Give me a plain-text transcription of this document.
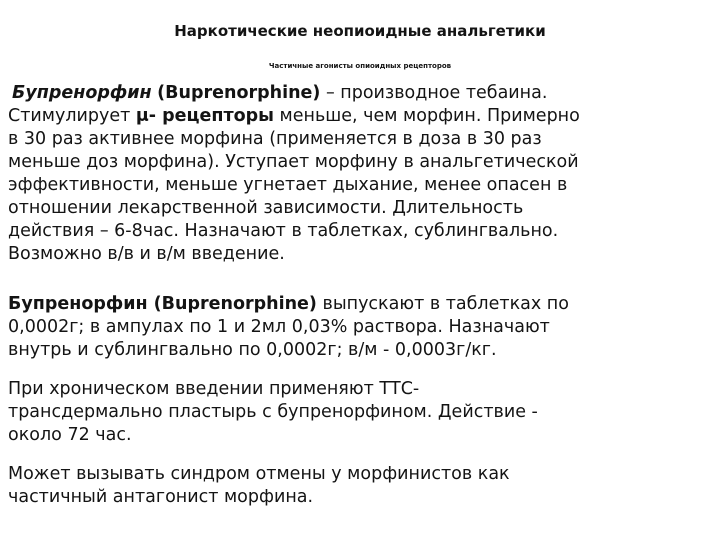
Наркотические неопиоидные анальгетики
Частичные агонисты опиоидных рецепторов
Бупренорфин (Buprenorphine) – производное тебаина.
Стимулирует μ- рецепторы меньше, чем морфин. Примерно
в 30 раз активнее морфина (применяется в доза в 30 раз
меньше доз морфина). Уступает морфину в анальгетической
эффективности, меньше угнетает дыхание, менее опасен в
отношении лекарственной зависимости. Длительность
действия – 6-8час. Назначают в таблетках, сублингвально.
Возможно в/в и в/м введение.
Бупренорфин (Buprenorphine) выпускают в таблетках по
0,0002г; в ампулах по 1 и 2мл 0,03% раствора. Назначают
внутрь и сублингвально по 0,0002г; в/м - 0,0003г/кг.
При хроническом введении применяют ТТС-
трансдермально пластырь с бупренорфином. Действие -
около 72 час.
Может вызывать синдром отмены у морфинистов как
частичный антагонист морфина.
